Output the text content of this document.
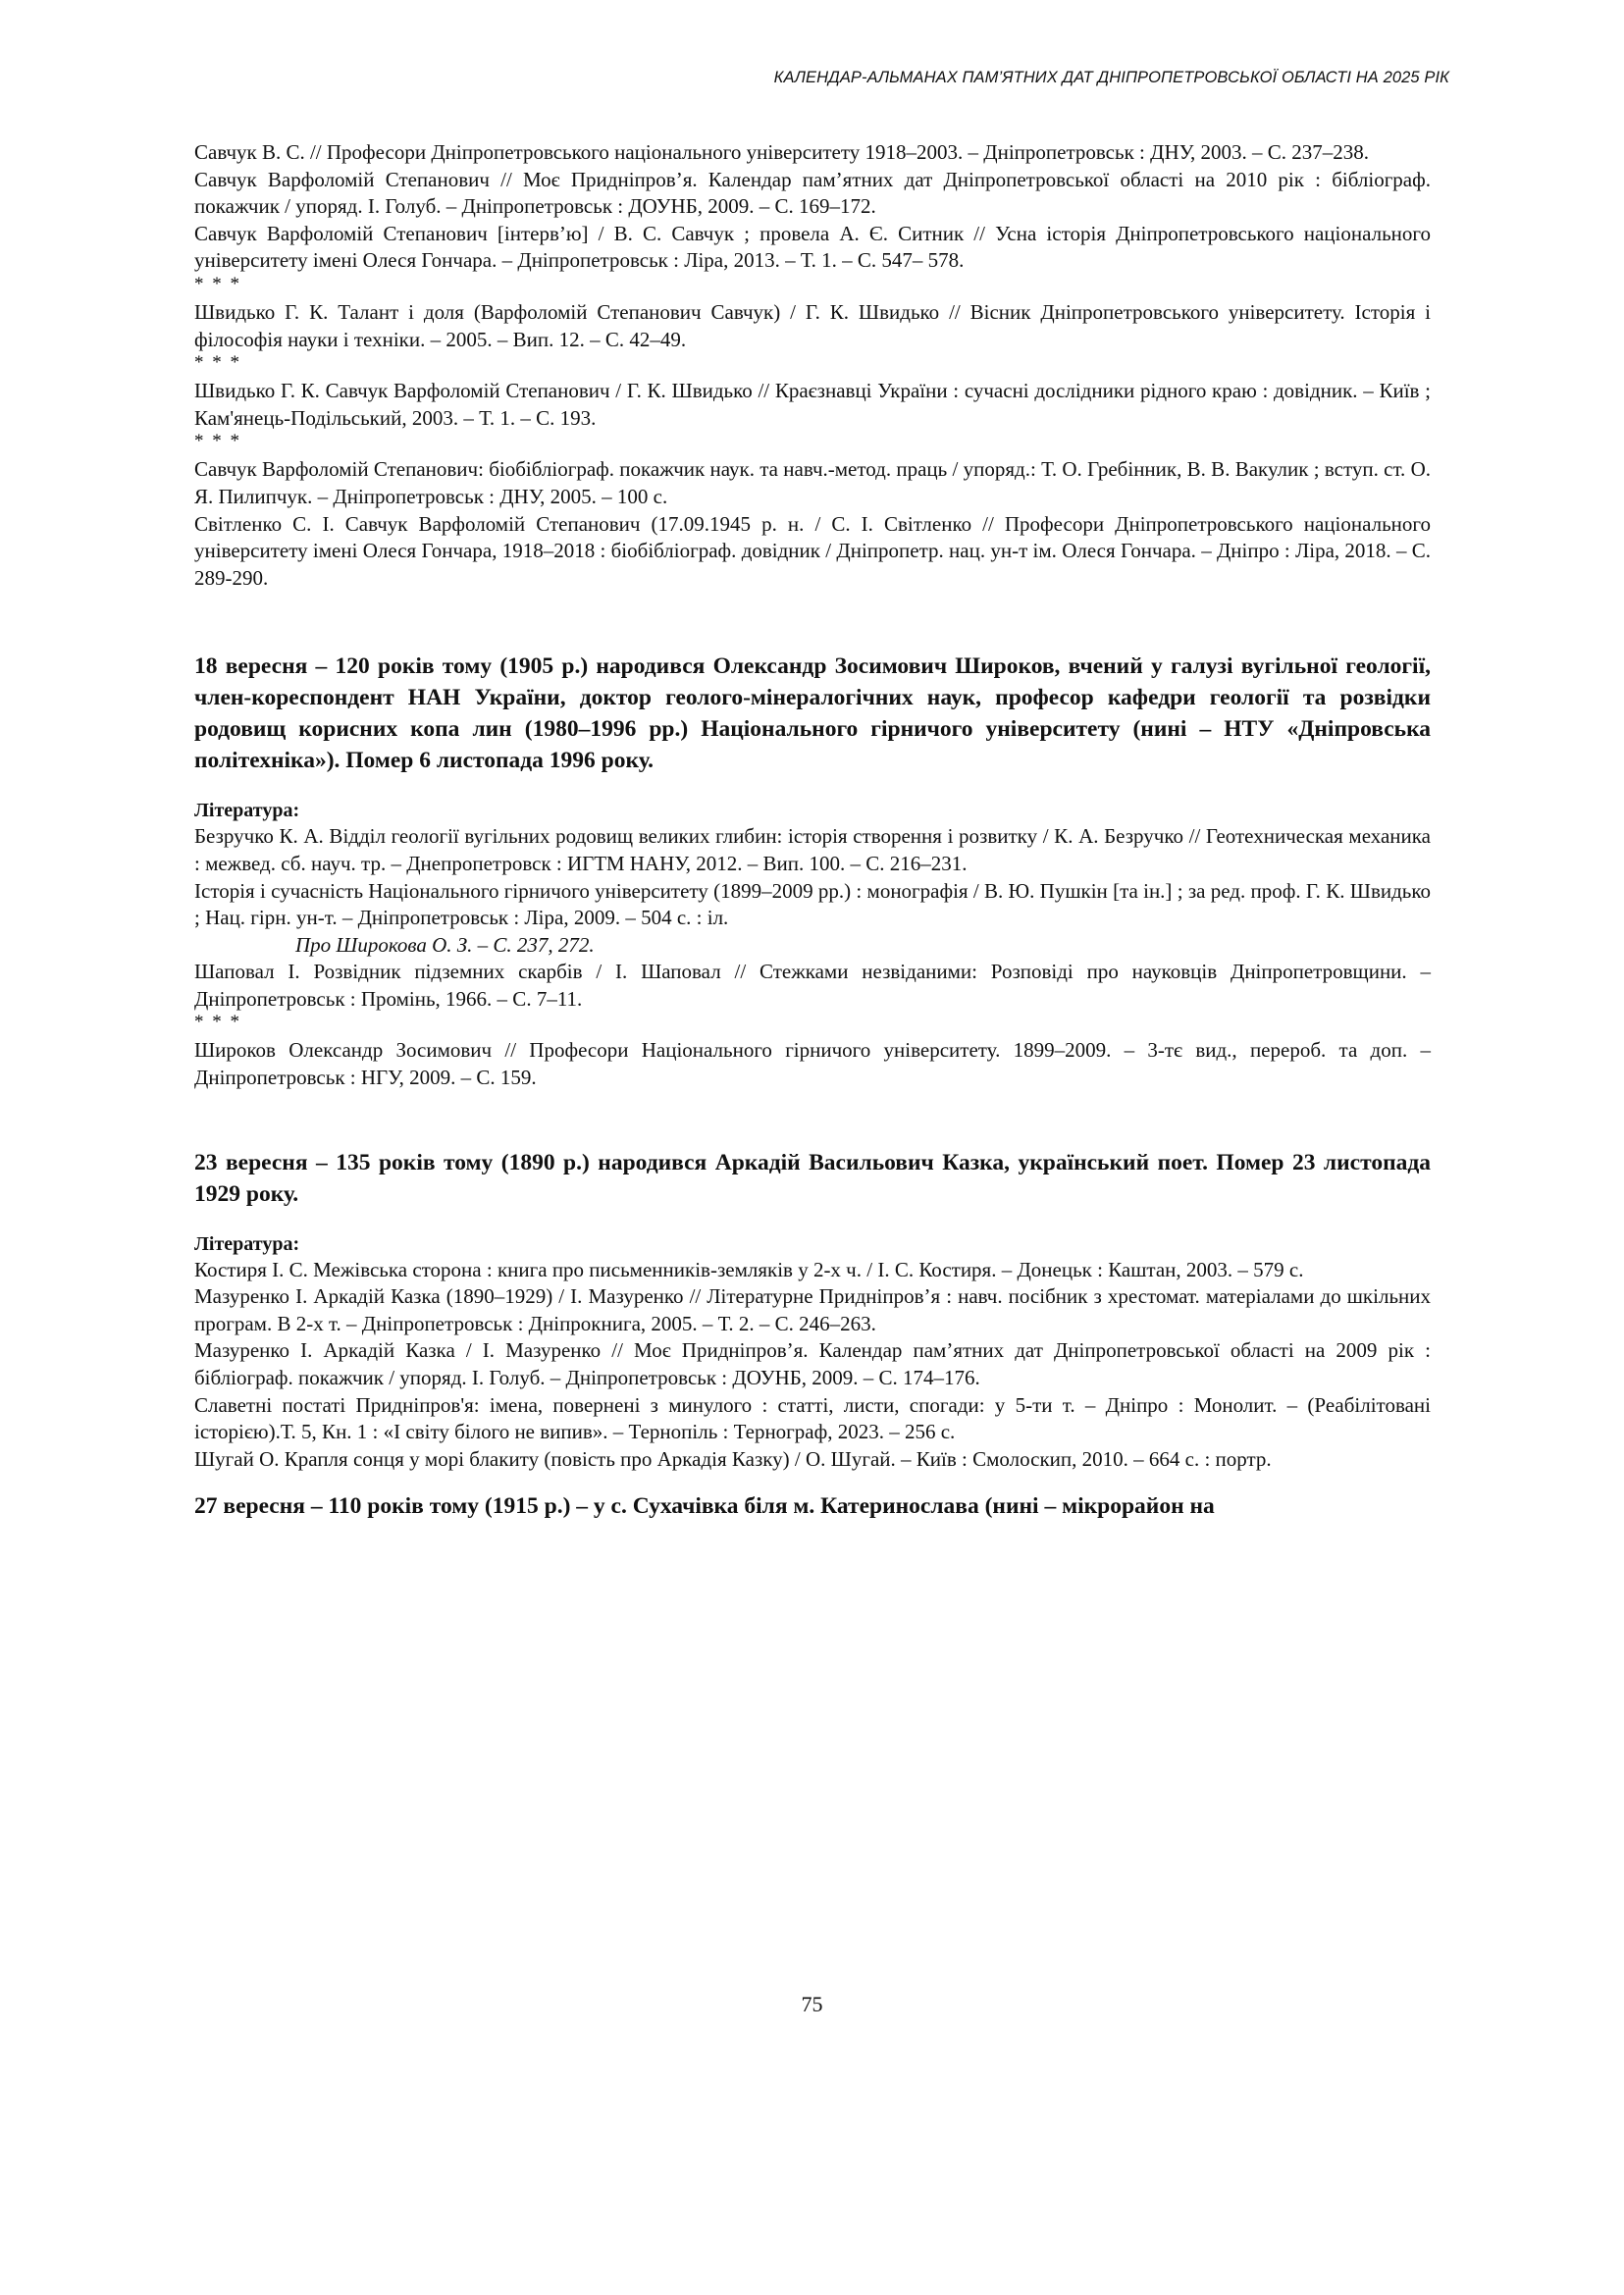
КАЛЕНДАР-АЛЬМАНАХ ПАМ’ЯТНИХ ДАТ ДНІПРОПЕТРОВСЬКОЇ ОБЛАСТІ НА 2025 РІК

Савчук В. С. // Професори Дніпропетровського національного університету 1918–2003. – Дніпропетровськ : ДНУ, 2003. – С. 237–238.

Савчук Варфоломій Степанович // Моє Придніпров’я. Календар пам’ятних дат Дніпропетровської області на 2010 рік : бібліограф. покажчик / упоряд. І. Голуб. – Дніпропетровськ : ДОУНБ, 2009. – С. 169–172.

Савчук Варфоломій Степанович [інтерв’ю] / В. С. Савчук ; провела А. Є. Ситник // Усна історія Дніпропетровського національного університету імені Олеся Гончара. – Дніпропетровськ : Ліра, 2013. – Т. 1. – С. 547– 578.

* * *

Швидько Г. К. Талант і доля (Варфоломій Степанович Савчук) / Г. К. Швидько // Вісник Дніпропетровського університету. Історія і філософія науки і техніки. – 2005. – Вип. 12. – С. 42–49.

* * *

Швидько Г. К. Савчук Варфоломій Степанович / Г. К. Швидько // Краєзнавці України : сучасні дослідники рідного краю : довідник. – Київ ; Кам'янець-Подільський, 2003. – Т. 1. – С. 193.

* * *

Савчук Варфоломій Степанович: біобібліограф. покажчик наук. та навч.-метод. праць / упоряд.: Т. О. Гребінник, В. В. Вакулик ; вступ. ст. О. Я. Пилипчук. – Дніпропетровськ : ДНУ, 2005. – 100 с.

Світленко С. І. Савчук Варфоломій Степанович (17.09.1945 р. н. / С. І. Світленко // Професори Дніпропетровського національного університету імені Олеся Гончара, 1918–2018 : біобібліограф. довідник / Дніпропетр. нац. ун-т ім. Олеся Гончара. – Дніпро : Ліра, 2018. – С. 289-290.

18 вересня – 120 років тому (1905 р.) народився Олександр Зосимович Широков, вчений у галузі вугільної геології, член-кореспондент НАН України, доктор геолого-мінералогічних наук, професор кафедри геології та розвідки родовищ корисних копа лин (1980–1996 рр.) Національного гірничого університету (нині – НТУ «Дніпровська політехніка»). Помер 6 листопада 1996 року.

Література:

Безручко К. А. Відділ геології вугільних родовищ великих глибин: історія створення і розвитку / К. А. Безручко // Геотехническая механика : межвед. сб. науч. тр. – Днепропетровск : ИГТМ НАНУ, 2012. – Вип. 100. – С. 216–231.

Історія і сучасність Національного гірничого університету (1899–2009 рр.) : монографія / В. Ю. Пушкін [та ін.] ; за ред. проф. Г. К. Швидько ; Нац. гірн. ун-т. – Дніпропетровськ : Ліра, 2009. – 504 с. : іл.

Про Широкова О. З. – С. 237, 272.

Шаповал І. Розвідник підземних скарбів / І. Шаповал // Стежками незвіданими: Розповіді про науковців Дніпропетровщини. – Дніпропетровськ : Промінь, 1966. – С. 7–11.

* * *

Широков Олександр Зосимович // Професори Національного гірничого університету. 1899–2009. – 3-тє вид., перероб. та доп. – Дніпропетровськ : НГУ, 2009. – С. 159.

23 вересня – 135 років тому (1890 р.) народився Аркадій Васильович Казка, український поет. Помер 23 листопада 1929 року.

Література:

Костиря І. С. Межівська сторона : книга про письменників-земляків у 2-х ч. / І. С. Костиря. – Донецьк : Каштан, 2003. – 579 с.

Мазуренко І. Аркадій Казка (1890–1929) / І. Мазуренко // Літературне Придніпров’я : навч. посібник з хрестомат. матеріалами до шкільних програм. В 2-х т. – Дніпропетровськ : Дніпрокнига, 2005. – Т. 2. – С. 246–263.

Мазуренко І. Аркадій Казка / І. Мазуренко // Моє Придніпров’я. Календар пам’ятних дат Дніпропетровської області на 2009 рік : бібліограф. покажчик / упоряд. І. Голуб. – Дніпропетровськ : ДОУНБ, 2009. – С. 174–176.

Славетні постаті Придніпров'я: імена, повернені з минулого : статті, листи, спогади: у 5-ти т. – Дніпро : Монолит. – (Реабілітовані історією).Т. 5, Кн. 1 : «І світу білого не випив». – Тернопіль : Тернограф, 2023. – 256 с.

Шугай О. Крапля сонця у морі блакиту (повість про Аркадія Казку) / О. Шугай. – Київ : Смолоскип, 2010. – 664 с. : портр.

27 вересня – 110 років тому (1915 р.) – у с. Сухачівка біля м. Катеринослава (нині – мікрорайон на

75
